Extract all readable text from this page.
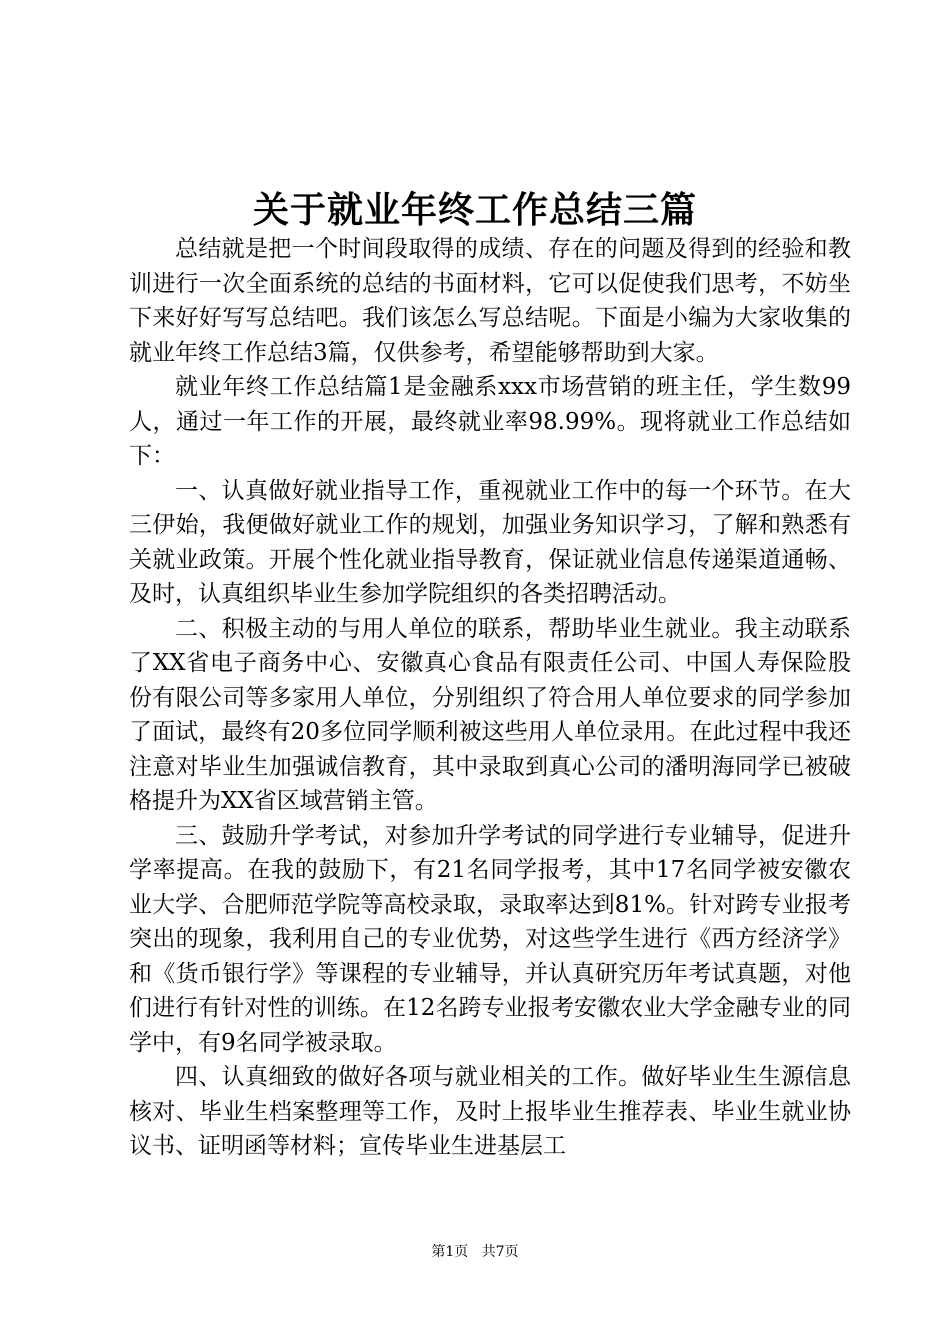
关于就业年终工作总结三篇

总结就是把一个时间段取得的成绩、存在的问题及得到的经验和教训进行一次全面系统的总结的书面材料，它可以促使我们思考，不妨坐下来好好写写总结吧。我们该怎么写总结呢。下面是小编为大家收集的就业年终工作总结3篇，仅供参考，希望能够帮助到大家。

就业年终工作总结篇1是金融系xxx市场营销的班主任，学生数99人，通过一年工作的开展，最终就业率98.99%。现将就业工作总结如下：

一、认真做好就业指导工作，重视就业工作中的每一个环节。在大三伊始，我便做好就业工作的规划，加强业务知识学习，了解和熟悉有关就业政策。开展个性化就业指导教育，保证就业信息传递渠道通畅、及时，认真组织毕业生参加学院组织的各类招聘活动。

二、积极主动的与用人单位的联系，帮助毕业生就业。我主动联系了XX省电子商务中心、安徽真心食品有限责任公司、中国人寿保险股份有限公司等多家用人单位，分别组织了符合用人单位要求的同学参加了面试，最终有20多位同学顺利被这些用人单位录用。在此过程中我还注意对毕业生加强诚信教育，其中录取到真心公司的潘明海同学已被破格提升为XX省区域营销主管。

三、鼓励升学考试，对参加升学考试的同学进行专业辅导，促进升学率提高。在我的鼓励下，有21名同学报考，其中17名同学被安徽农业大学、合肥师范学院等高校录取，录取率达到81%。针对跨专业报考突出的现象，我利用自己的专业优势，对这些学生进行《西方经济学》和《货币银行学》等课程的专业辅导，并认真研究历年考试真题，对他们进行有针对性的训练。在12名跨专业报考安徽农业大学金融专业的同学中，有9名同学被录取。

四、认真细致的做好各项与就业相关的工作。做好毕业生生源信息核对、毕业生档案整理等工作，及时上报毕业生推荐表、毕业生就业协议书、证明函等材料；宣传毕业生进基层工

第1页 共7页
